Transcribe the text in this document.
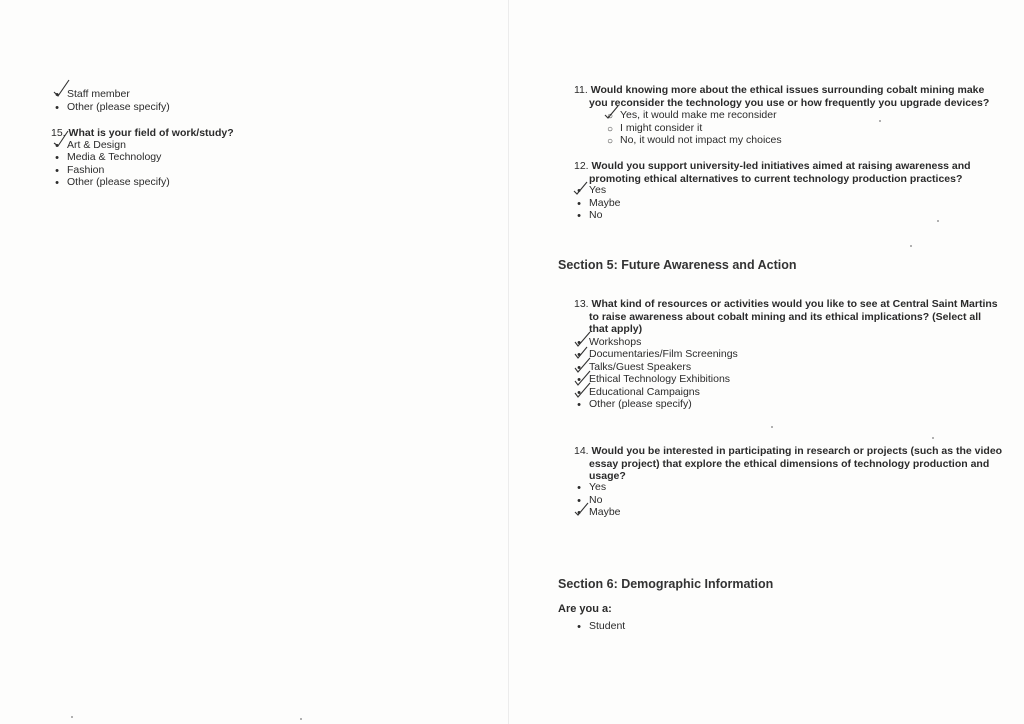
• Staff member
• Other (please specify)
15. What is your field of work/study?
• Art & Design
• Media & Technology
• Fashion
• Other (please specify)
11. Would knowing more about the ethical issues surrounding cobalt mining make
you reconsider the technology you use or how frequently you upgrade devices?
○ Yes, it would make me reconsider
○ I might consider it
○ No, it would not impact my choices
12. Would you support university-led initiatives aimed at raising awareness and
promoting ethical alternatives to current technology production practices?
• Yes
• Maybe
• No
Section 5: Future Awareness and Action
13. What kind of resources or activities would you like to see at Central Saint Martins
to raise awareness about cobalt mining and its ethical implications? (Select all
that apply)
• Workshops
• Documentaries/Film Screenings
• Talks/Guest Speakers
• Ethical Technology Exhibitions
• Educational Campaigns
• Other (please specify)
14. Would you be interested in participating in research or projects (such as the video
essay project) that explore the ethical dimensions of technology production and
usage?
• Yes
• No
• Maybe
Section 6: Demographic Information
Are you a:
• Student
